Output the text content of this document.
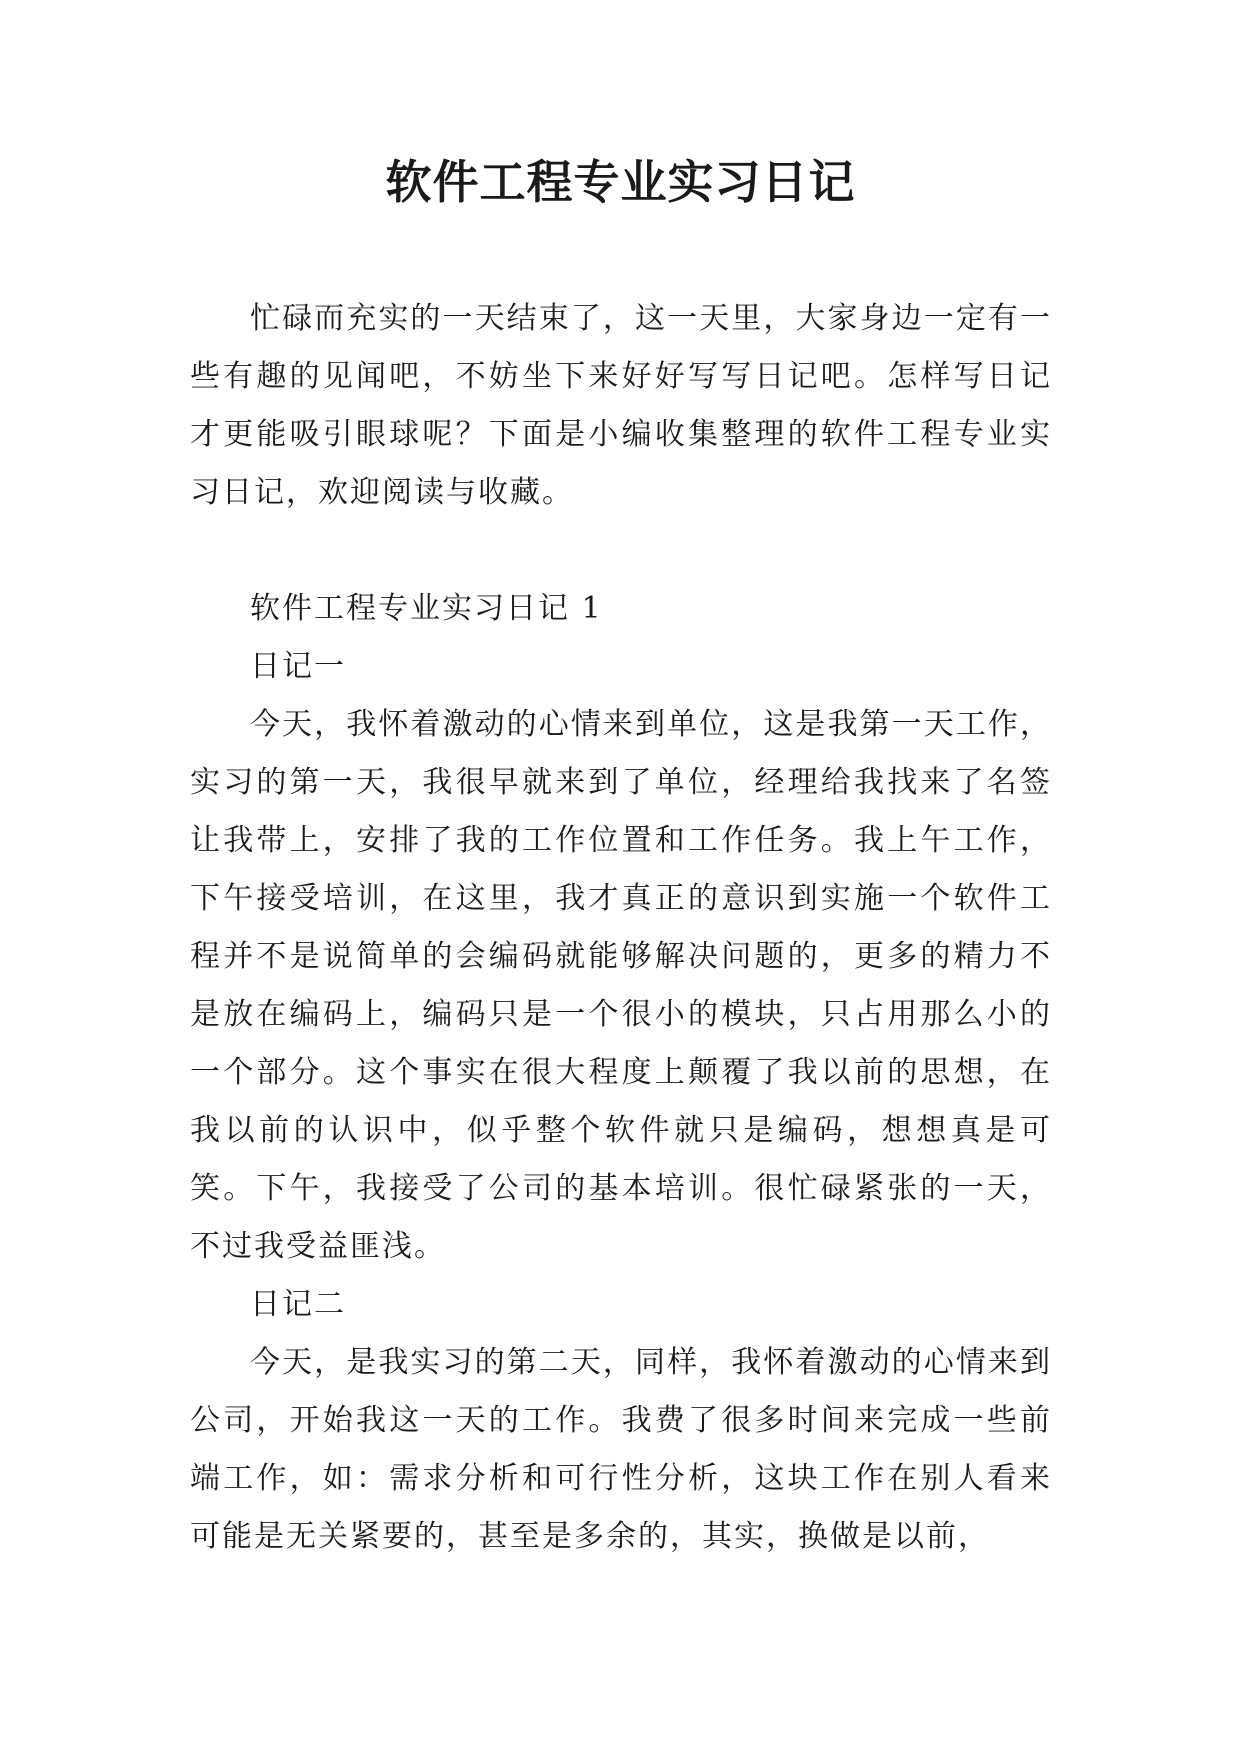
软件工程专业实习日记

忙碌而充实的一天结束了，这一天里，大家身边一定有一些有趣的见闻吧，不妨坐下来好好写写日记吧。怎样写日记才更能吸引眼球呢？下面是小编收集整理的软件工程专业实习日记，欢迎阅读与收藏。

软件工程专业实习日记 1

日记一

今天，我怀着激动的心情来到单位，这是我第一天工作，实习的第一天，我很早就来到了单位，经理给我找来了名签让我带上，安排了我的工作位置和工作任务。我上午工作，下午接受培训，在这里，我才真正的意识到实施一个软件工程并不是说简单的会编码就能够解决问题的，更多的精力不是放在编码上，编码只是一个很小的模块，只占用那么小的一个部分。这个事实在很大程度上颠覆了我以前的思想，在我以前的认识中，似乎整个软件就只是编码，想想真是可笑。下午，我接受了公司的基本培训。很忙碌紧张的一天，不过我受益匪浅。

日记二

今天，是我实习的第二天，同样，我怀着激动的心情来到公司，开始我这一天的工作。我费了很多时间来完成一些前端工作，如：需求分析和可行性分析，这块工作在别人看来可能是无关紧要的，甚至是多余的，其实，换做是以前，
